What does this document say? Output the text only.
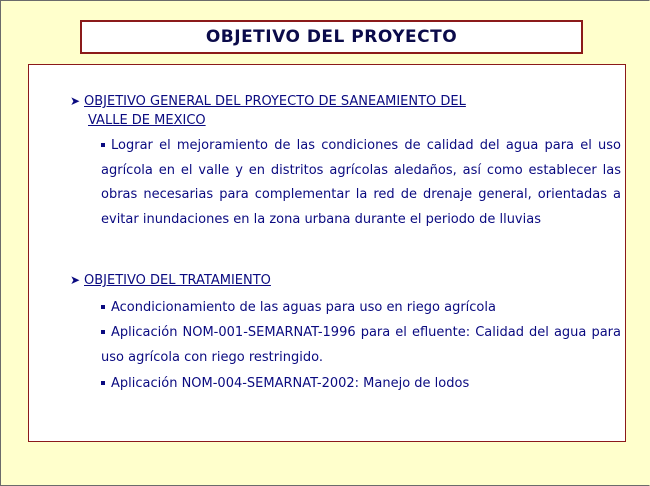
OBJETIVO DEL PROYECTO
➤ OBJETIVO GENERAL DEL PROYECTO DE SANEAMIENTO DEL
VALLE DE MEXICO
Lograr el mejoramiento de las condiciones de calidad del agua para el uso agrícola en el valle y en distritos agrícolas aledaños, así como establecer las obras necesarias para complementar la red de drenaje general, orientadas a evitar inundaciones en la zona urbana durante el periodo de lluvias
➤ OBJETIVO DEL TRATAMIENTO
Acondicionamiento de las aguas para uso en riego agrícola
Aplicación NOM-001-SEMARNAT-1996 para el efluente: Calidad del agua para uso agrícola con riego restringido.
Aplicación NOM-004-SEMARNAT-2002: Manejo de lodos
